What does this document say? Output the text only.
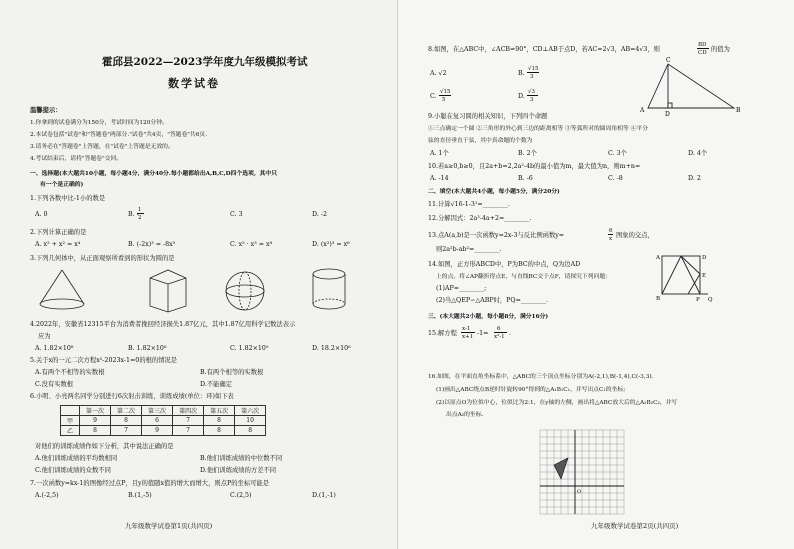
霍邱县2022—2023学年度九年级模拟考试
数学试卷
温馨提示：
1.你拿到的试卷满分为150分，考试时间为120分钟。
2.本试卷包括"试卷"和"答题卷"两部分."试卷"共4页，"答题卷"共6页.
3.请务必在"答题卷"上答题，在"试卷"上答题是无效的。
4.考试结束后，请将"答题卷"交回。
一、选择题(本大题共10小题，每小题4分，满分40分.每小题都给出A,B,C,D四个选项，其中只
有一个是正确的)
1.下列各数中比-1小的数是
A. 0	B. -
1
2	C. 3	D. -2
2.下列计算正确的是
A. x² + x² = x⁴	B. (-2x)³ = -8x³	C. x⁵ · x³ = x⁸	D. (x²)³ = x⁶
3.下列几何体中，从正面观察所看到的形状为圆的是
4.2022年，安徽省12315平台为消费者挽回经济损失1.87亿元，其中1.87亿用科学记数法表示
应为
A. 1.82×10⁸	B. 1.82×10⁸	C. 1.82×10⁹	D. 18.2×10⁸
5.关于x的一元二次方程x²-2023x-1=0的根的情况是
A.有两个不相等的实数根	B.有两个相等的实数根
C.没有实数根	D.不能确定
6.小明、小亮两名同学分别进行6次射击训练，训练成绩(单位：环)如下表
	第一次	第二次	第三次	第四次	第五次	第六次
甲	9	8	6	7	8	10
乙	8	7	9	7	8	8
对他们的训练成绩作如下分析，其中说法正确的是
A.他们训练成绩的平均数相同	B.他们训练成绩的中位数不同
C.他们训练成绩的众数不同	D.他们训练成绩的方差不同
7.一次函数y=kx-1的图像经过点P，且y的值随x值的增大而增大，则点P的坐标可能是
A.(-2,5)	B.(1,-5)	C.(2,5)	D.(1,-1)
九年级数学试卷第1页(共四页)
8.如图，在△ABC中，∠ACB=90°，CD⊥AB于点D，若AC=2√3，AB=4√3，则
BD
CD 的值为
A. √2	B.
√15
3
C.
√15
5	D.
√3
3
A
C
D
B
9.小聪在复习圆的相关知识，下列四个命题
①三点确定一个圆 ②三角形的外心到三边的距离相等 ③等弧所对的圆周角相等 ④平分
弦的直径垂直于弦，其中真命题的个数为
A. 1个	B. 2个	C. 3个	D. 4个
10.若a≥0,b≥0，且2a+b=2,2a²-4b的最小值为m，最大值为n，则m+n=
A. -14	B. -6	C. -8	D. 2
二、填空(本大题共4小题，每小题5分，满分20分)
11.计算√16-1-3¹=________.
12.分解因式：2a³-4a+2=________.
13.点A(a,b)是一次函数y=2x-3与反比例函数y=
6
x 图象的交点，
则2a²b-ab²=________.
14.如图，正方形ABCD中，P为BC的中点，Q为边AD
上的点，将∠AP翻折得点E，与直线BC交于点F，请探究下列问题：
(1)AP=________;
(2)当△QEP∽△ABP时，PQ=________.
A	D
B	P
E
Q
三、(本大题共2小题，每小题8分，满分16分)
15.解方程
x-1
x+1 -1=
6
x²-1 .
16.如图，在平面直角坐标系中，△ABC的三个顶点坐标分别为A(-2,1),B(-1,4),C(-3,3).
(1)画出△ABC绕点B逆时针旋转90°得到的△A₁B₁C₁，并写出点C₁的坐标;
(2)以原点O为位似中心，位似比为2:1，在y轴的左侧，画出将△ABC放大后的△A₂B₂C₂，并写
出点A₂的坐标.
O
九年级数学试卷第2页(共四页)
